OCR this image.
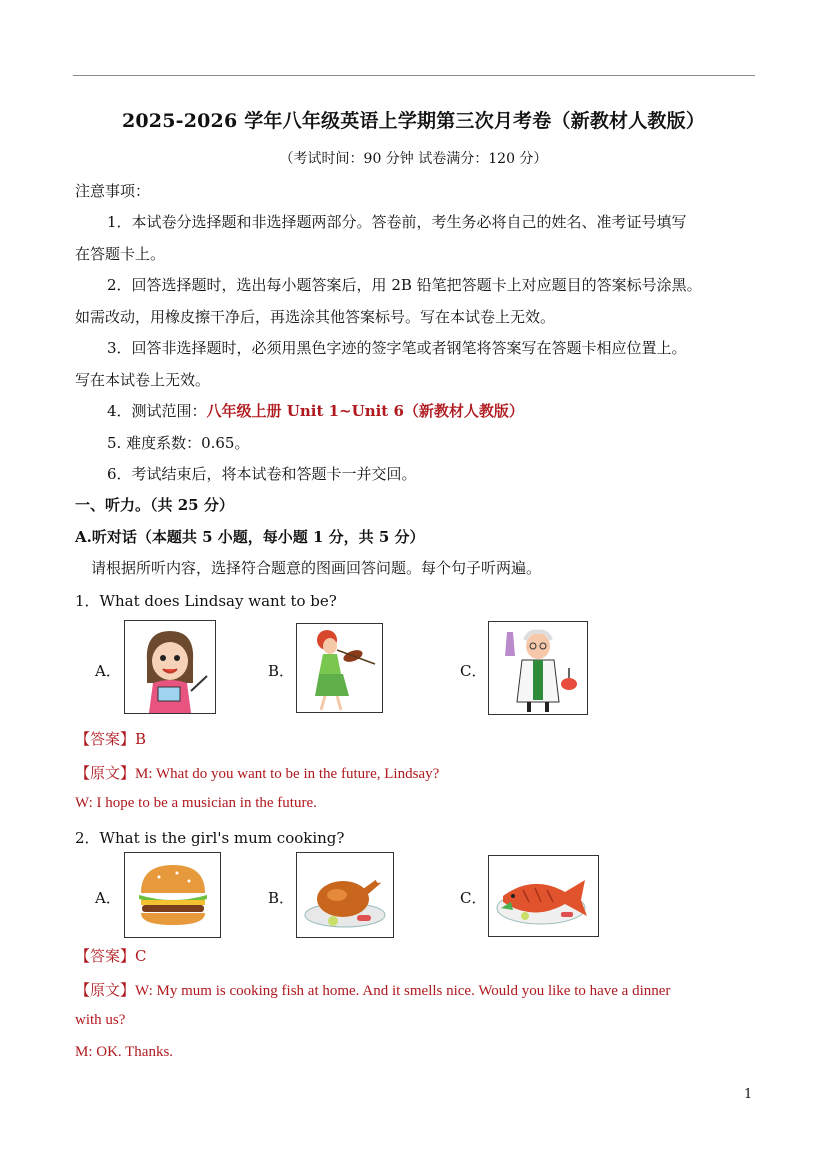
2025-2026 学年八年级英语上学期第三次月考卷（新教材人教版）
（考试时间：90 分钟 试卷满分：120 分）
注意事项：
1．本试卷分选择题和非选择题两部分。答卷前，考生务必将自己的姓名、准考证号填写
在答题卡上。
2．回答选择题时，选出每小题答案后，用 2B 铅笔把答题卡上对应题目的答案标号涂黑。
如需改动，用橡皮擦干净后，再选涂其他答案标号。写在本试卷上无效。
3．回答非选择题时，必须用黑色字迹的签字笔或者钢笔将答案写在答题卡相应位置上。
写在本试卷上无效。
4．测试范围：八年级上册 Unit 1~Unit 6（新教材人教版）
5. 难度系数：0.65。
6．考试结束后，将本试卷和答题卡一并交回。
一、听力。（共 25 分）
A.听对话（本题共 5 小题，每小题 1 分，共 5 分）
请根据所听内容，选择符合题意的图画回答问题。每个句子听两遍。
1．What does Lindsay want to be?
A．	B．	C．
【答案】B
【原文】M: What do you want to be in the future, Lindsay?
W: I hope to be a musician in the future.
2．What is the girl's mum cooking?
A．	B．	C．
【答案】C
【原文】W: My mum is cooking fish at home. And it smells nice. Would you like to have a dinner
with us?
M: OK. Thanks.
1
